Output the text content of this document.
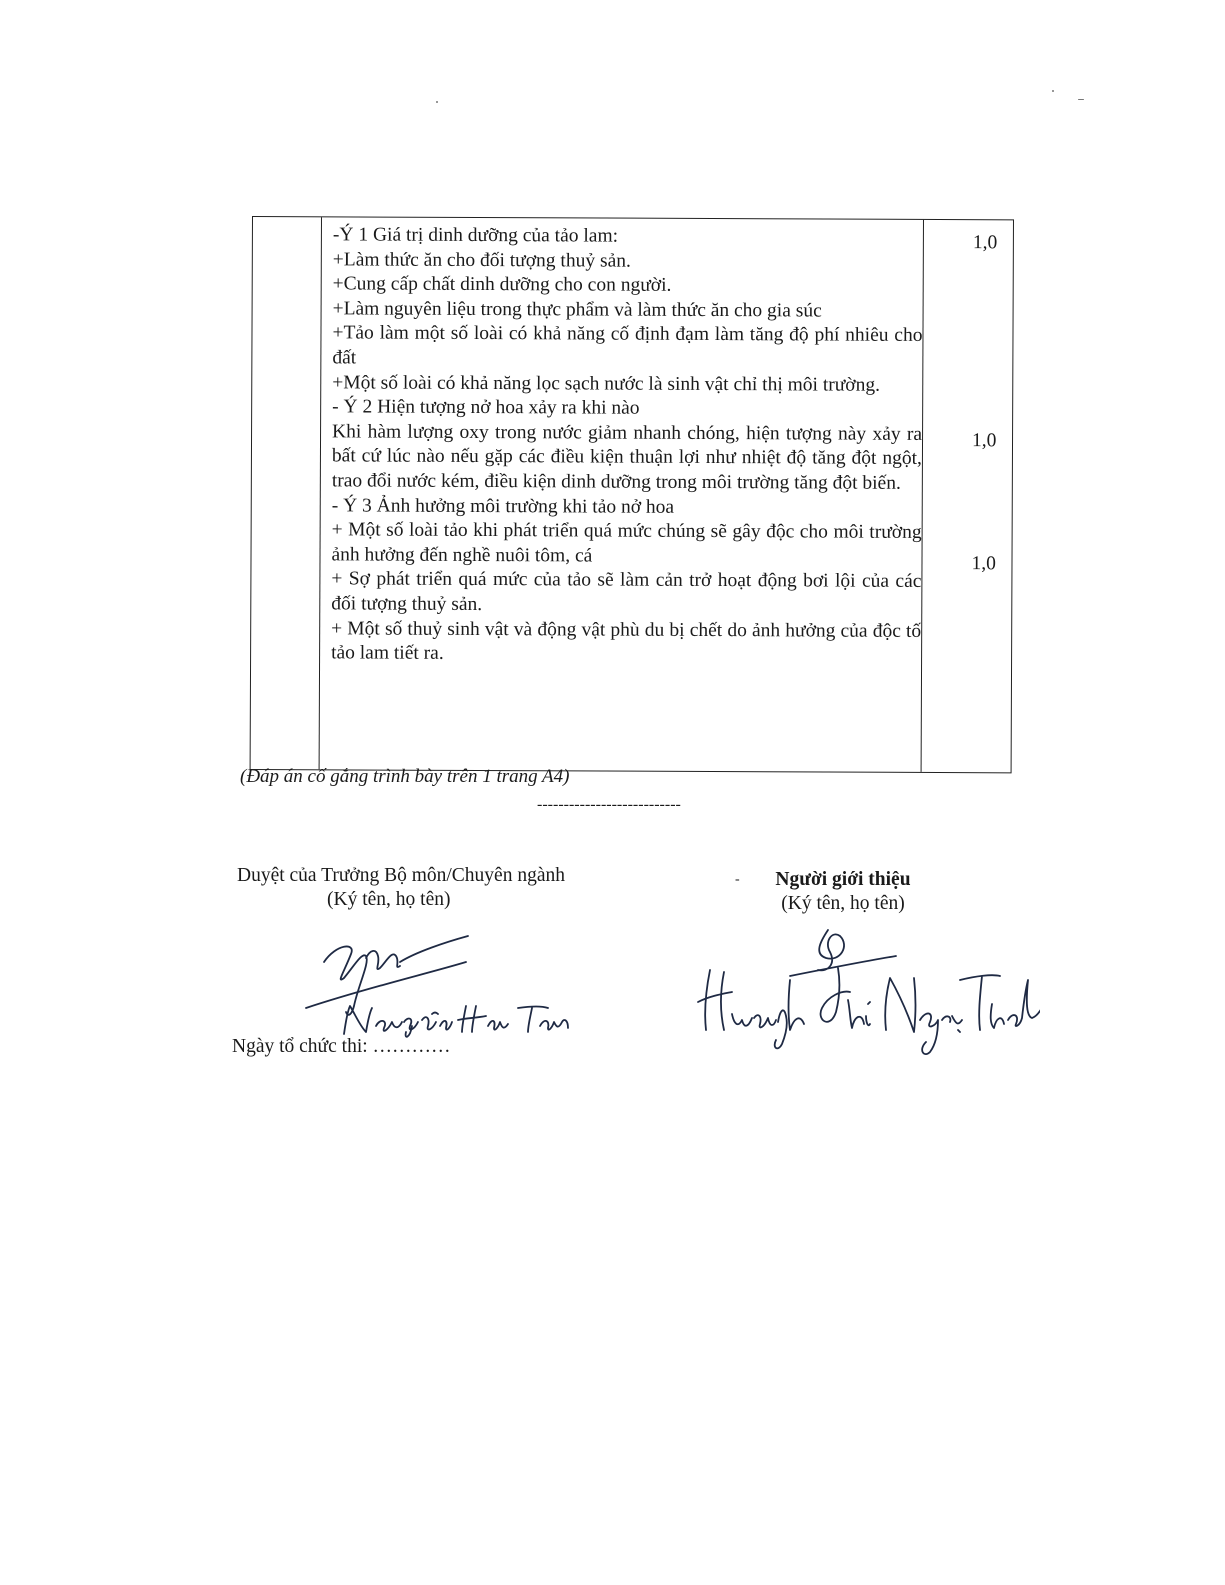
-Ý 1 Giá trị dinh dưỡng của tảo lam:

+Làm thức ăn cho đối tượng thuỷ sản.

+Cung cấp chất dinh dưỡng cho con người.

+Làm nguyên liệu trong thực phẩm và làm thức ăn cho gia súc

+Tảo làm một số loài có khả năng cố định đạm làm tăng độ phí nhiêu cho đất

+Một số loài có khả năng lọc sạch nước là sinh vật chỉ thị môi trường.

- Ý 2 Hiện tượng nở hoa xảy ra khi nào

Khi hàm lượng oxy trong nước giảm nhanh chóng, hiện tượng này xảy ra bất cứ lúc nào nếu gặp các điều kiện thuận lợi như nhiệt độ tăng đột ngột, trao đổi nước kém, điều kiện dinh dưỡng trong môi trường tăng đột biến.

- Ý 3 Ảnh hưởng môi trường khi tảo nở hoa

+ Một số loài tảo khi phát triển quá mức chúng sẽ gây độc cho môi trường ảnh hưởng đến nghề nuôi tôm, cá

+ Sợ phát triển quá mức của tảo sẽ làm cản trở hoạt động bơi lội của các đối tượng thuỷ sản.

+ Một số thuỷ sinh vật và động vật phù du bị chết do ảnh hưởng của độc tố tảo lam tiết ra.

1,0
1,0
1,0
(Đáp án cố gắng trình bày trên 1 trang A4)
---------------------------
Duyệt của Trưởng Bộ môn/Chuyên ngành
(Ký tên, họ tên)
-	Người giới thiệu
(Ký tên, họ tên)
Ngày tổ chức thi: …………
